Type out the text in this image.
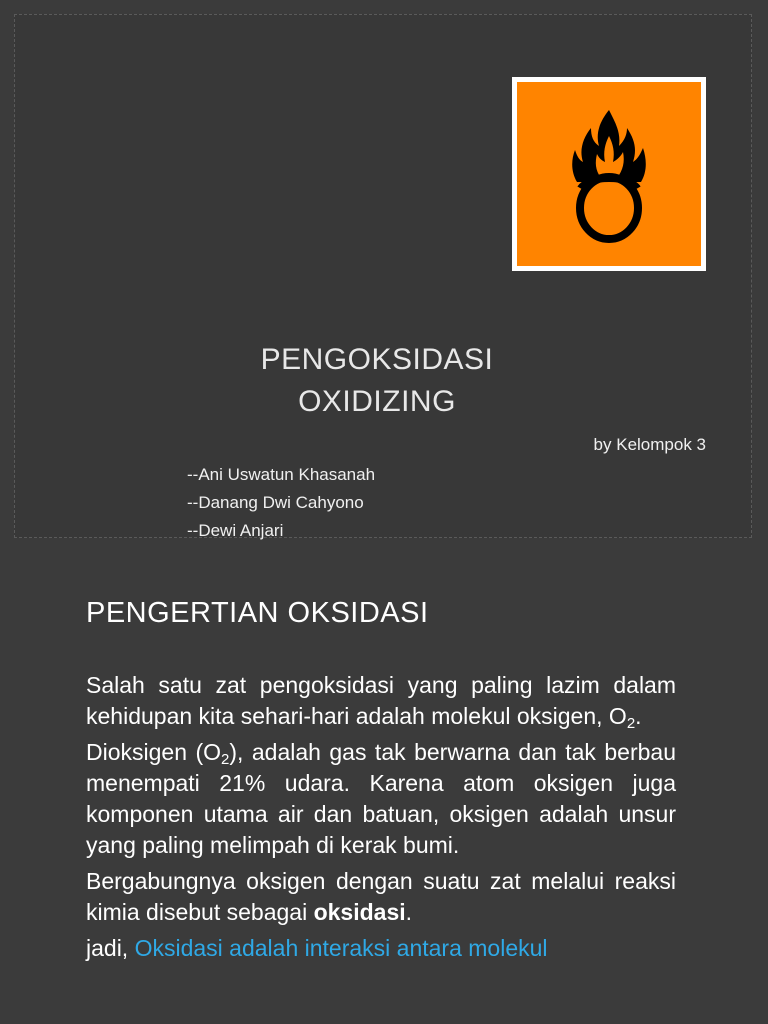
PENGOKSIDASI
OXIDIZING
by Kelompok 3
--Ani Uswatun Khasanah
--Danang Dwi Cahyono
--Dewi Anjari
PENGERTIAN OKSIDASI

Salah satu zat pengoksidasi yang paling lazim dalam kehidupan kita sehari-hari adalah molekul oksigen, $O_2$.

Dioksigen $(O_2)$, adalah gas tak berwarna dan tak berbau menempati 21% udara. Karena atom oksigen juga komponen utama air dan batuan, oksigen adalah unsur yang paling melimpah di kerak bumi.

Bergabungnya oksigen dengan suatu zat melalui reaksi kimia disebut sebagai oksidasi.

jadi, Oksidasi adalah interaksi antara molekul
